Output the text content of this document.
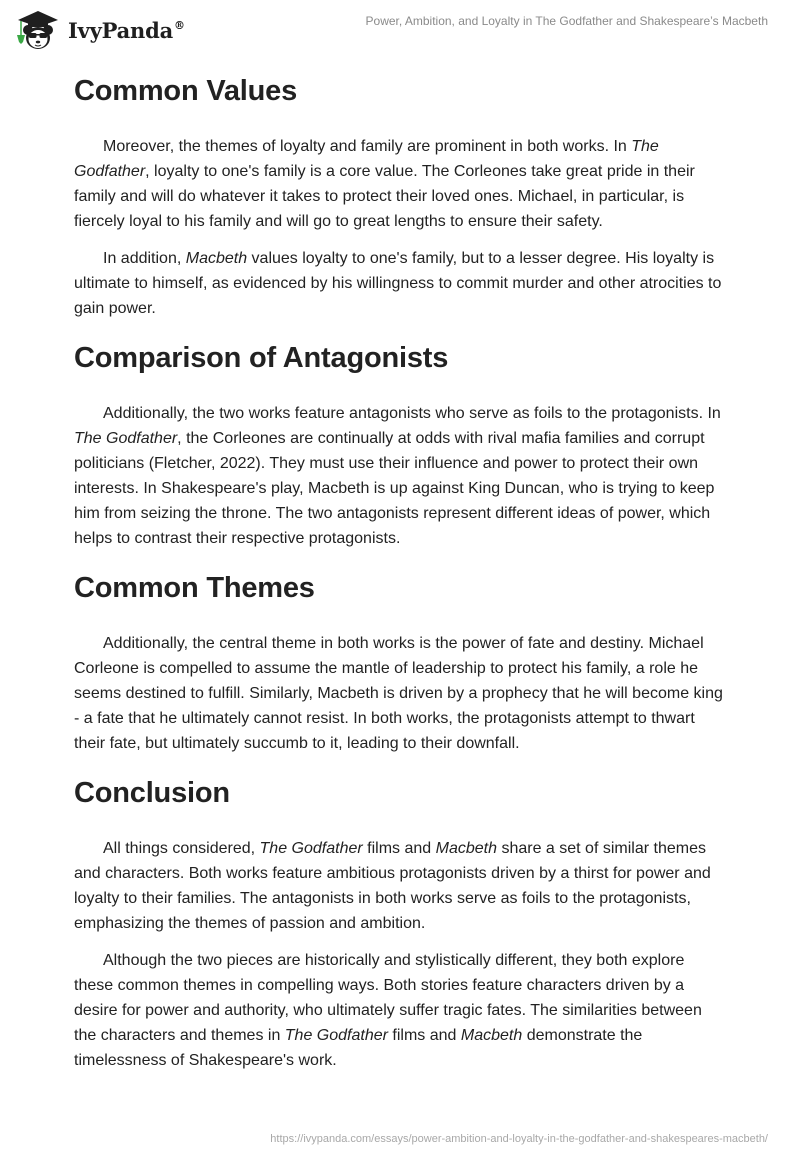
IvyPanda®	Power, Ambition, and Loyalty in The Godfather and Shakespeare’s Macbeth
Common Values

Moreover, the themes of loyalty and family are prominent in both works. In The Godfather, loyalty to one's family is a core value. The Corleones take great pride in their family and will do whatever it takes to protect their loved ones. Michael, in particular, is fiercely loyal to his family and will go to great lengths to ensure their safety.

In addition, Macbeth values loyalty to one's family, but to a lesser degree. His loyalty is ultimate to himself, as evidenced by his willingness to commit murder and other atrocities to gain power.

Comparison of Antagonists

Additionally, the two works feature antagonists who serve as foils to the protagonists. In The Godfather, the Corleones are continually at odds with rival mafia families and corrupt politicians (Fletcher, 2022). They must use their influence and power to protect their own interests. In Shakespeare's play, Macbeth is up against King Duncan, who is trying to keep him from seizing the throne. The two antagonists represent different ideas of power, which helps to contrast their respective protagonists.

Common Themes

Additionally, the central theme in both works is the power of fate and destiny. Michael Corleone is compelled to assume the mantle of leadership to protect his family, a role he seems destined to fulfill. Similarly, Macbeth is driven by a prophecy that he will become king - a fate that he ultimately cannot resist. In both works, the protagonists attempt to thwart their fate, but ultimately succumb to it, leading to their downfall.

Conclusion

All things considered, The Godfather films and Macbeth share a set of similar themes and characters. Both works feature ambitious protagonists driven by a thirst for power and loyalty to their families. The antagonists in both works serve as foils to the protagonists, emphasizing the themes of passion and ambition.

Although the two pieces are historically and stylistically different, they both explore these common themes in compelling ways. Both stories feature characters driven by a desire for power and authority, who ultimately suffer tragic fates. The similarities between the characters and themes in The Godfather films and Macbeth demonstrate the timelessness of Shakespeare's work.

https://ivypanda.com/essays/power-ambition-and-loyalty-in-the-godfather-and-shakespeares-macbeth/
